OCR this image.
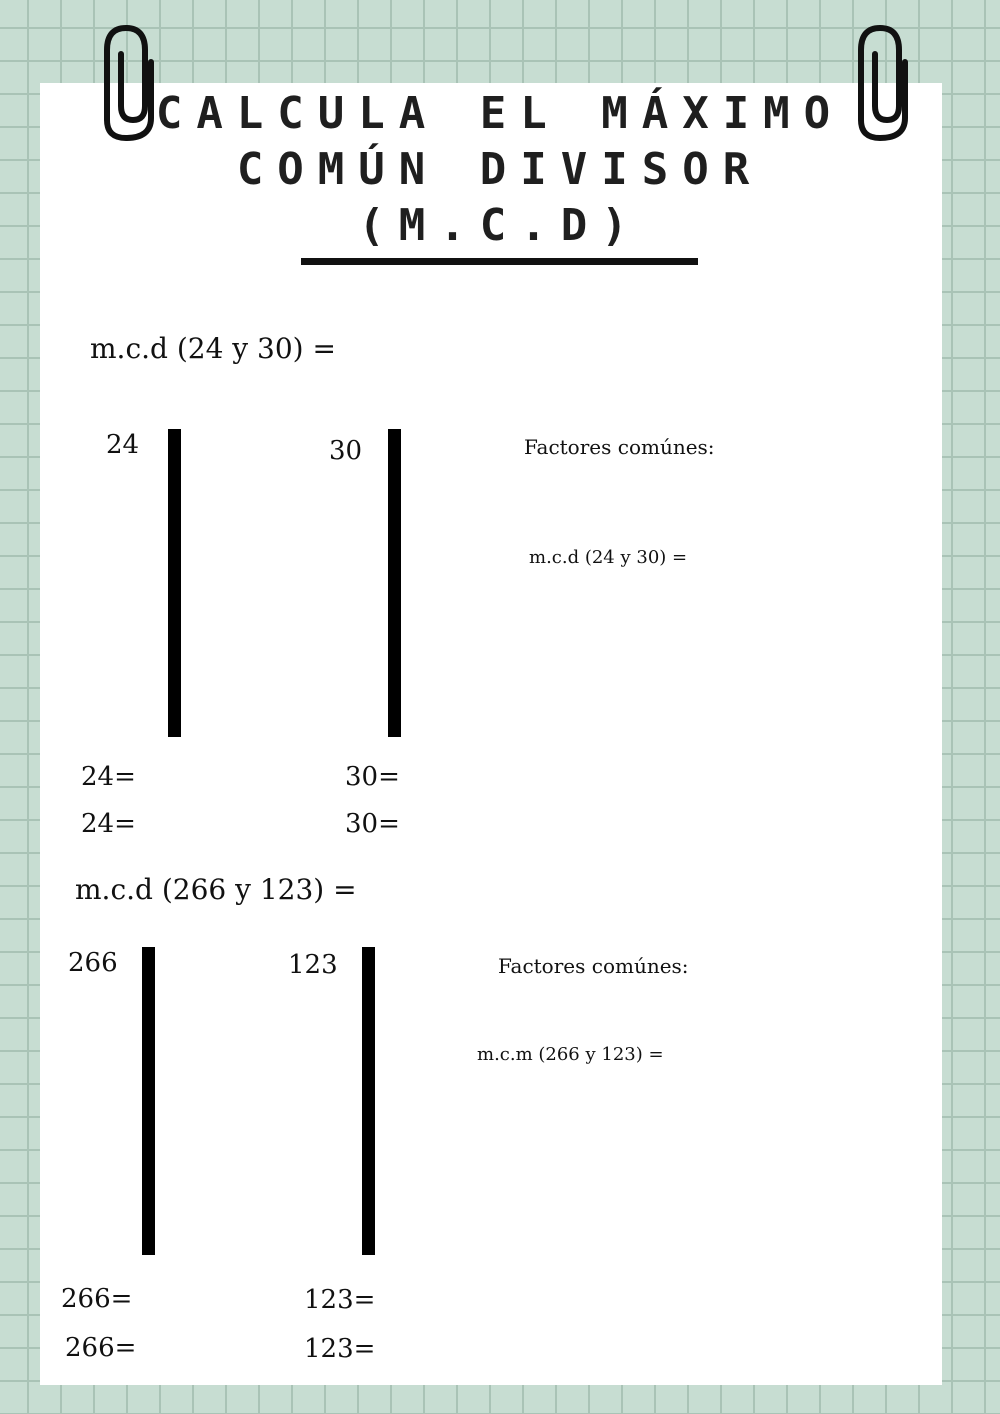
CALCULA EL MÁXIMO
COMÚN DIVISOR
(M.C.D)
m.c.d (24 y 30) =
24	30	Factores comúnes:
m.c.d (24 y 30) =
24=
24=
30=
30=
m.c.d (266 y 123) =
266	123	Factores comúnes:
m.c.m (266 y 123) =
266=
266=
123=
123=
